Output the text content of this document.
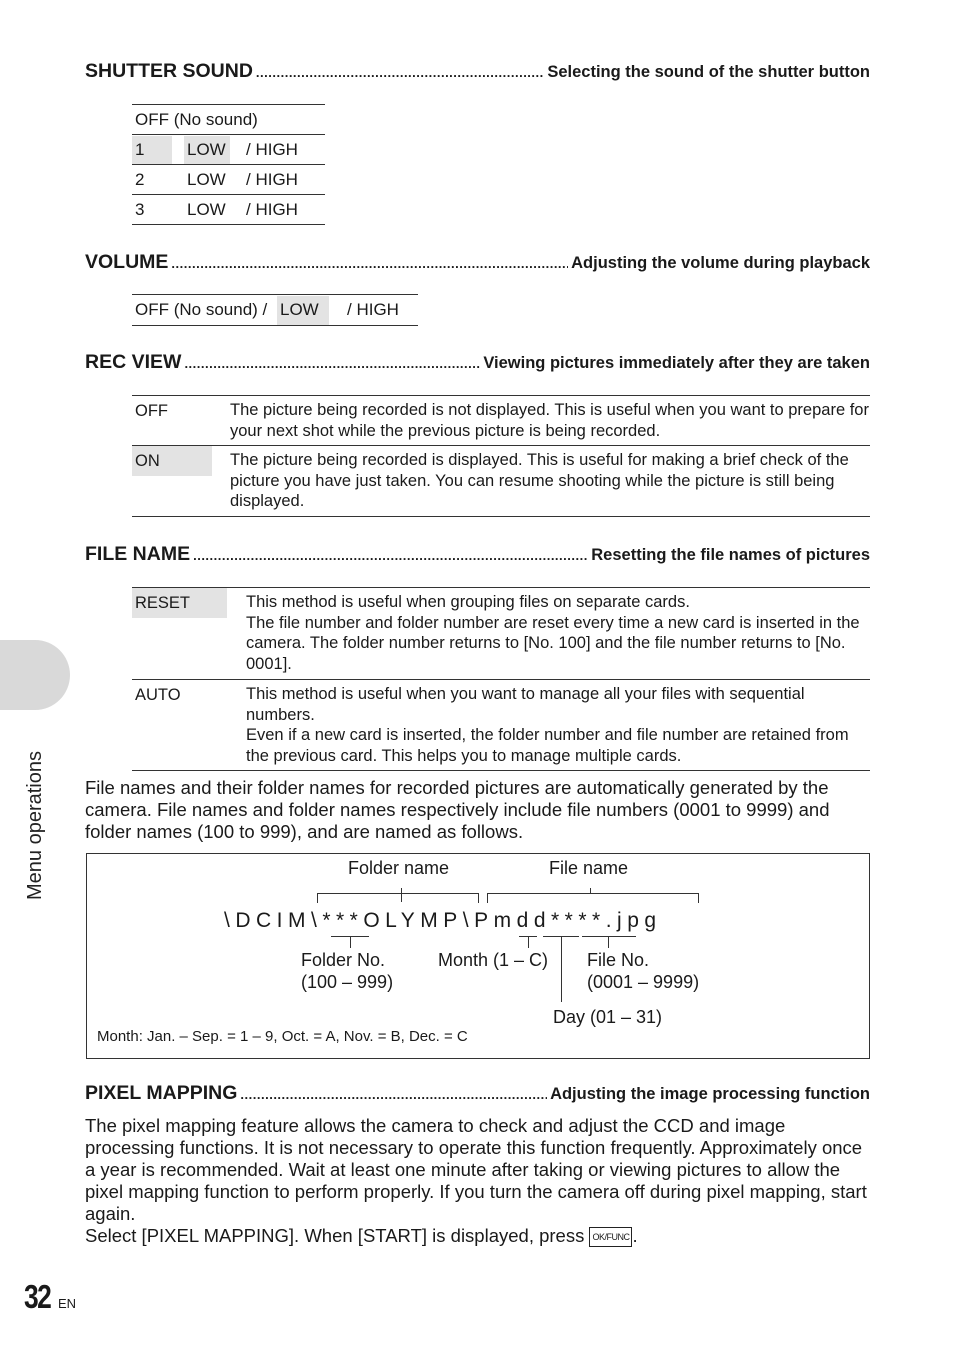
Menu operations
SHUTTER SOUND .....	Selecting the sound of the shutter button
OFF (No sound)
1	LOW / HIGH
2	LOW / HIGH
3	LOW / HIGH
VOLUME .....	Adjusting the volume during playback
OFF (No sound) / LOW / HIGH
REC VIEW .....	Viewing pictures immediately after they are taken
OFF	The picture being recorded is not displayed. This is useful when you want to prepare for your next shot while the previous picture is being recorded.
ON	The picture being recorded is displayed. This is useful for making a brief check of the picture you have just taken. You can resume shooting while the picture is still being displayed.
FILE NAME .....	Resetting the file names of pictures
RESET	This method is useful when grouping files on separate cards.
The file number and folder number are reset every time a new card is inserted in the camera. The folder number returns to [No. 100] and the file number returns to [No. 0001].
AUTO	This method is useful when you want to manage all your files with sequential numbers.
Even if a new card is inserted, the folder number and file number are retained from the previous card. This helps you to manage multiple cards.
File names and their folder names for recorded pictures are automatically generated by the camera. File names and folder names respectively include file numbers (0001 to 9999) and folder names (100 to 999), and are named as follows.
Folder name	File name
\DCIM\***OLYMP\Pmdd****.jpg
Folder No.
(100 – 999)
Month (1 – C) File No.
(0001 – 9999)
Day (01 – 31)
Month: Jan. – Sep. = 1 – 9, Oct. = A, Nov. = B, Dec. = C
PIXEL MAPPING .....	Adjusting the image processing function
The pixel mapping feature allows the camera to check and adjust the CCD and image processing functions. It is not necessary to operate this function frequently. Approximately once a year is recommended. Wait at least one minute after taking or viewing pictures to allow the pixel mapping function to perform properly. If you turn the camera off during pixel mapping, start again.
Select [PIXEL MAPPING]. When [START] is displayed, press OK/FUNC .
32 EN
